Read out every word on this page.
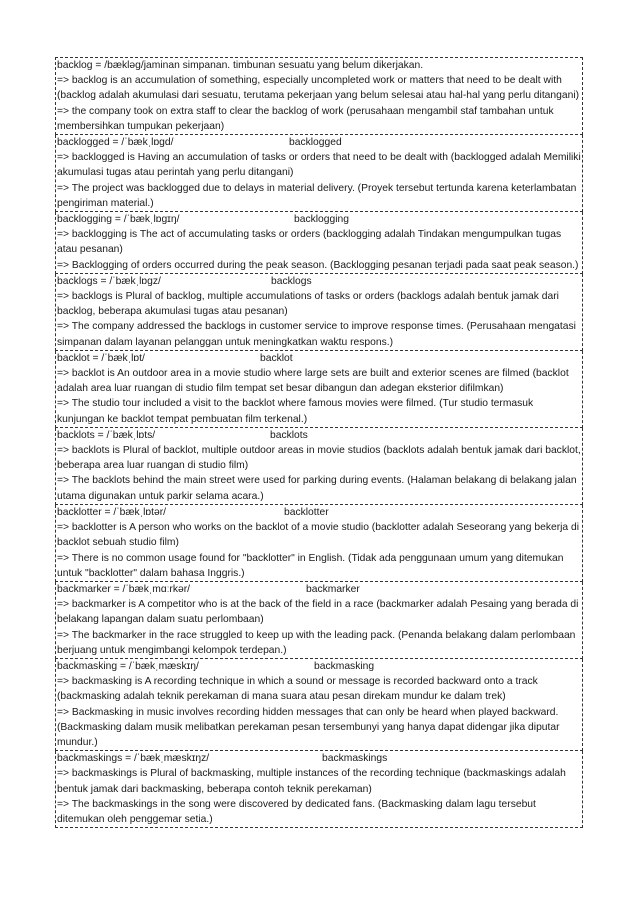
backlog = /bækləg/jaminan simpanan. timbunan sesuatu yang belum dikerjakan.
=> backlog is an accumulation of something, especially uncompleted work or matters that need to be dealt with (backlog adalah akumulasi dari sesuatu, terutama pekerjaan yang belum selesai atau hal-hal yang perlu ditangani)
=> the company took on extra staff to clear the backlog of work (perusahaan mengambil staf tambahan untuk membersihkan tumpukan pekerjaan)
backlogged = /ˈbækˌlɒgd/	backlogged
=> backlogged is Having an accumulation of tasks or orders that need to be dealt with (backlogged adalah Memiliki akumulasi tugas atau perintah yang perlu ditangani)
=> The project was backlogged due to delays in material delivery. (Proyek tersebut tertunda karena keterlambatan pengiriman material.)
backlogging = /ˈbækˌlɒgɪŋ/	backlogging
=> backlogging is The act of accumulating tasks or orders (backlogging adalah Tindakan mengumpulkan tugas atau pesanan)
=> Backlogging of orders occurred during the peak season. (Backlogging pesanan terjadi pada saat peak season.)
backlogs = /ˈbækˌlɒgz/	backlogs
=> backlogs is Plural of backlog, multiple accumulations of tasks or orders (backlogs adalah bentuk jamak dari backlog, beberapa akumulasi tugas atau pesanan)
=> The company addressed the backlogs in customer service to improve response times. (Perusahaan mengatasi simpanan dalam layanan pelanggan untuk meningkatkan waktu respons.)
backlot = /ˈbækˌlɒt/	backlot
=> backlot is An outdoor area in a movie studio where large sets are built and exterior scenes are filmed (backlot adalah area luar ruangan di studio film tempat set besar dibangun dan adegan eksterior difilmkan)
=> The studio tour included a visit to the backlot where famous movies were filmed. (Tur studio termasuk kunjungan ke backlot tempat pembuatan film terkenal.)
backlots = /ˈbækˌlɒts/	backlots
=> backlots is Plural of backlot, multiple outdoor areas in movie studios (backlots adalah bentuk jamak dari backlot, beberapa area luar ruangan di studio film)
=> The backlots behind the main street were used for parking during events. (Halaman belakang di belakang jalan utama digunakan untuk parkir selama acara.)
backlotter = /ˈbækˌlɒtər/	backlotter
=> backlotter is A person who works on the backlot of a movie studio (backlotter adalah Seseorang yang bekerja di backlot sebuah studio film)
=> There is no common usage found for "backlotter" in English. (Tidak ada penggunaan umum yang ditemukan untuk "backlotter" dalam bahasa Inggris.)
backmarker = /ˈbækˌmɑːrkər/	backmarker
=> backmarker is A competitor who is at the back of the field in a race (backmarker adalah Pesaing yang berada di belakang lapangan dalam suatu perlombaan)
=> The backmarker in the race struggled to keep up with the leading pack. (Penanda belakang dalam perlombaan berjuang untuk mengimbangi kelompok terdepan.)
backmasking = /ˈbækˌmæskɪŋ/	backmasking
=> backmasking is A recording technique in which a sound or message is recorded backward onto a track (backmasking adalah teknik perekaman di mana suara atau pesan direkam mundur ke dalam trek)
=> Backmasking in music involves recording hidden messages that can only be heard when played backward. (Backmasking dalam musik melibatkan perekaman pesan tersembunyi yang hanya dapat didengar jika diputar mundur.)
backmaskings = /ˈbækˌmæskɪŋz/	backmaskings
=> backmaskings is Plural of backmasking, multiple instances of the recording technique (backmaskings adalah bentuk jamak dari backmasking, beberapa contoh teknik perekaman)
=> The backmaskings in the song were discovered by dedicated fans. (Backmasking dalam lagu tersebut ditemukan oleh penggemar setia.)
